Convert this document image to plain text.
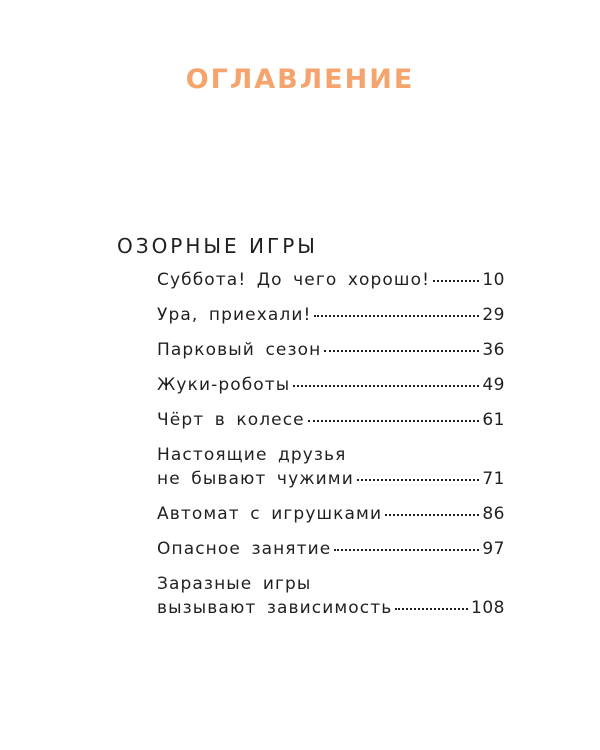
ОГЛАВЛЕНИЕ
ОЗОРНЫЕ ИГРЫ
Суббота! До чего хорошо!	10
Ура, приехали!	29
Парковый сезон	36
Жуки-роботы	49
Чёрт в колесе	61
Настоящие друзья
не бывают чужими	71
Автомат с игрушками	86
Опасное занятие	97
Заразные игры
вызывают зависимость	108
